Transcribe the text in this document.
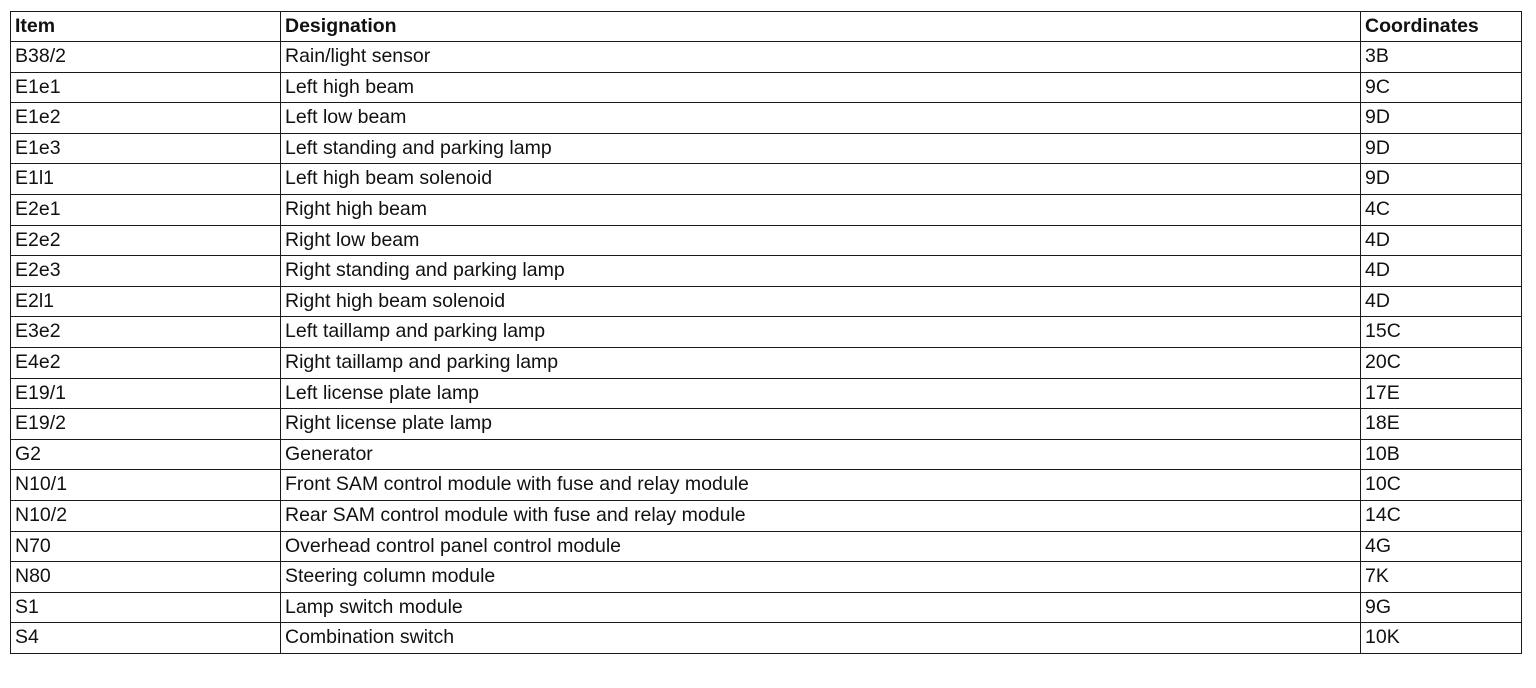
Item	Designation	Coordinates
B38/2	Rain/light sensor	3B
E1e1	Left high beam	9C
E1e2	Left low beam	9D
E1e3	Left standing and parking lamp	9D
E1l1	Left high beam solenoid	9D
E2e1	Right high beam	4C
E2e2	Right low beam	4D
E2e3	Right standing and parking lamp	4D
E2l1	Right high beam solenoid	4D
E3e2	Left taillamp and parking lamp	15C
E4e2	Right taillamp and parking lamp	20C
E19/1	Left license plate lamp	17E
E19/2	Right license plate lamp	18E
G2	Generator	10B
N10/1	Front SAM control module with fuse and relay module	10C
N10/2	Rear SAM control module with fuse and relay module	14C
N70	Overhead control panel control module	4G
N80	Steering column module	7K
S1	Lamp switch module	9G
S4	Combination switch	10K
